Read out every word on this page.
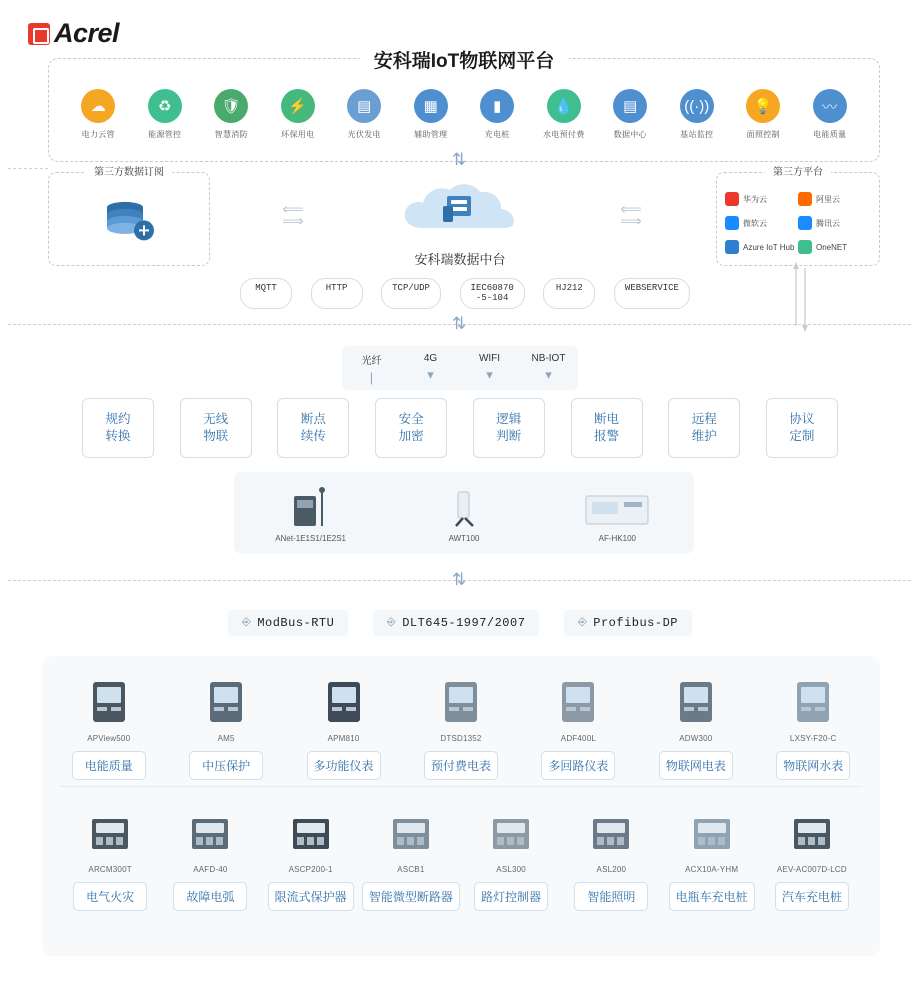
Acrel
安科瑞IoT物联网平台
☁
电力云管
♻
能源管控
🛡
智慧消防
⚡
环保用电
▤
光伏发电
▦
辅助管理
▮
充电桩
💧
水电预付费
▤
数据中心
((·))
基站监控
💡
面照控制
〰
电能质量
⇅
第三方数据订阅
⟸
⟹
⟸
⟹
安科瑞数据中台
第三方平台
华为云	阿里云
微软云	腾讯云
Azure IoT Hub	OneNET
MQTT	HTTP	TCP/UDP	IEC60870
-5-104
HJ212	WEBSERVICE
⇅
光纤
|
4G
▾
WIFI
▾
NB-IOT
▾
规约
转换
无线
物联
断点
续传
安全
加密
逻辑
判断
断电
报警
远程
维护
协议
定制
ANet-1E1S1/1E2S1	AWT100	AF-HK100
⇅
⎆ ModBus-RTU	⎆ DLT645-1997/2007	⎆ Profibus-DP
APView500
电能质量
AM5
中压保护
APM810
多功能仪表
DTSD1352
预付费电表
ADF400L
多回路仪表
ADW300
物联网电表
LXSY-F20-C
物联网水表
ARCM300T
电气火灾
AAFD-40
故障电弧
ASCP200-1
限流式保护器
ASCB1
智能微型断路器
ASL300
路灯控制器
ASL200
智能照明
ACX10A-YHM
电瓶车充电桩
AEV-AC007D-LCD
汽车充电桩
